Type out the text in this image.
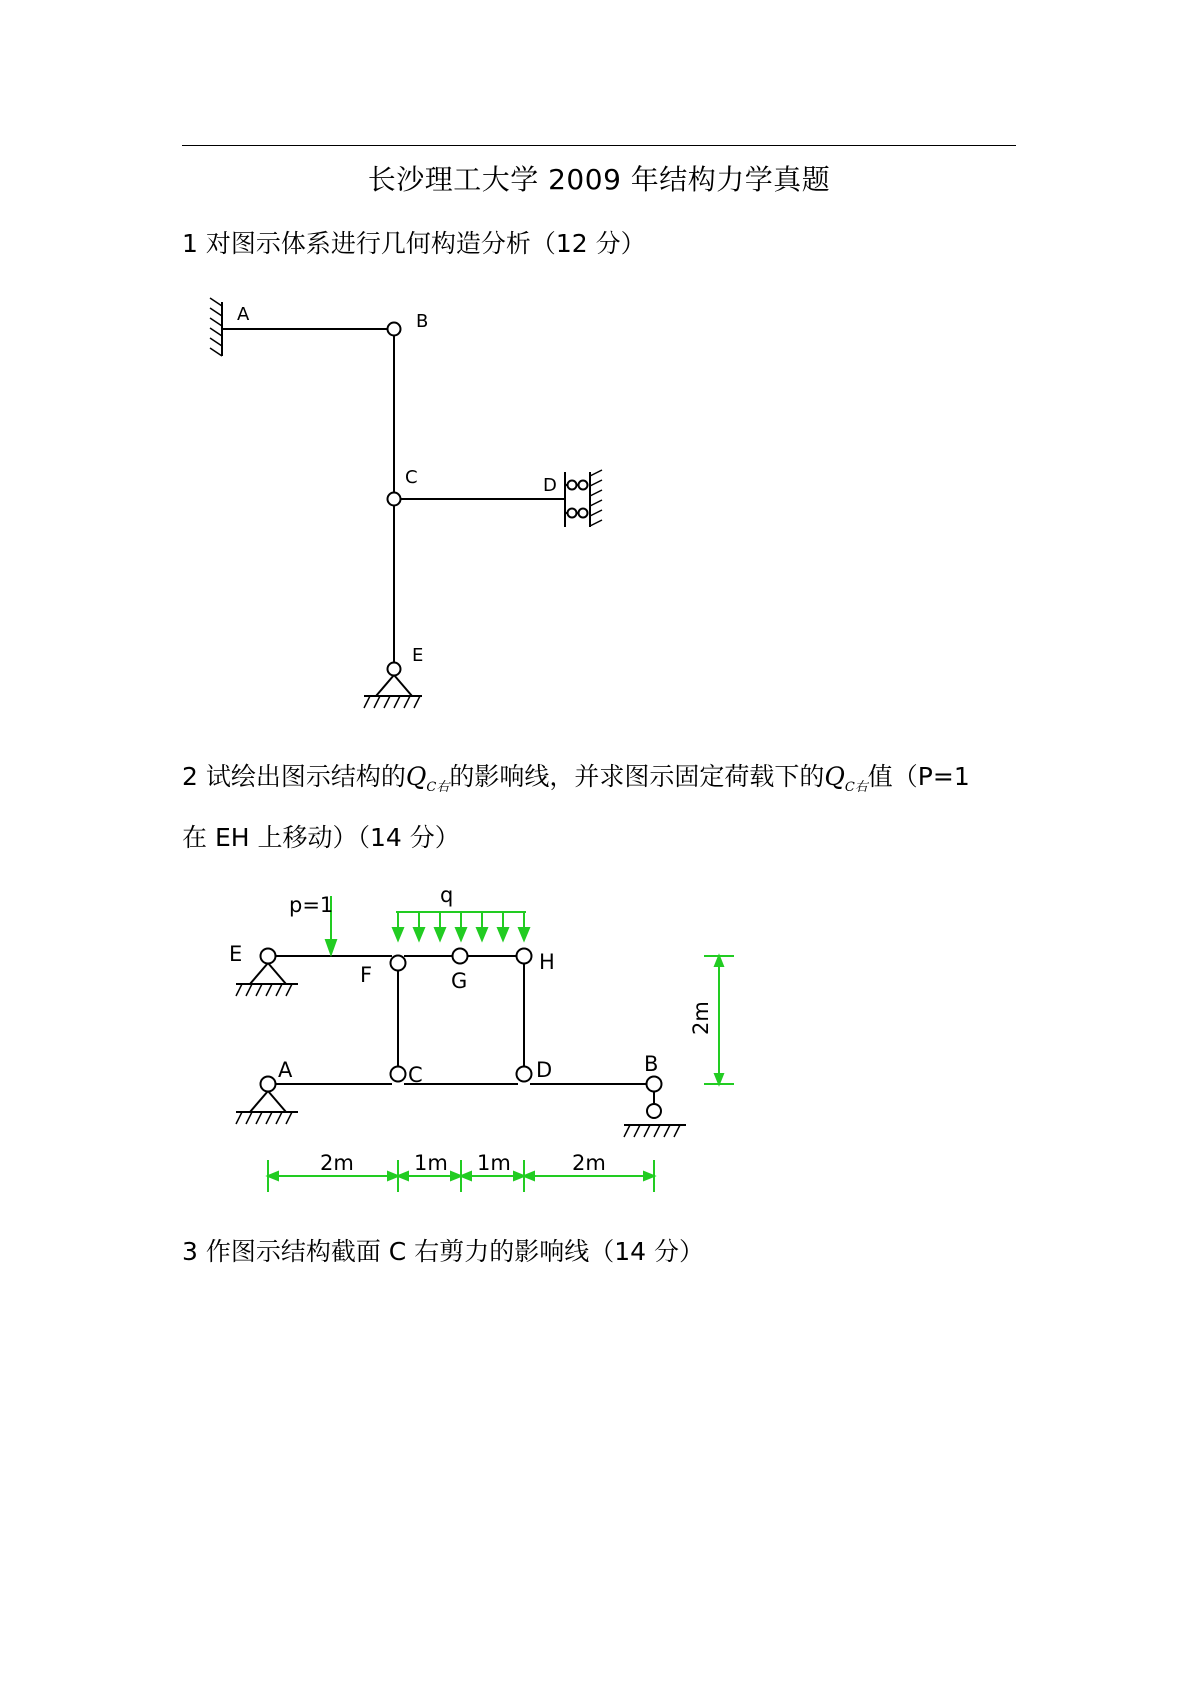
长沙理工大学 2009 年结构力学真题
1 对图示体系进行几何构造分析（12 分）
2 试绘出图示结构的$Q_{C右}$的影响线，并求图示固定荷载下的$Q_{C右}$值（P=1
在 EH 上移动）（14 分）
3 作图示结构截面 C 右剪力的影响线（14 分）
A	B
C	D
E
p=1	q
E
F	G
H
A	C	D	B
2m
2m	1m 1m	2m
